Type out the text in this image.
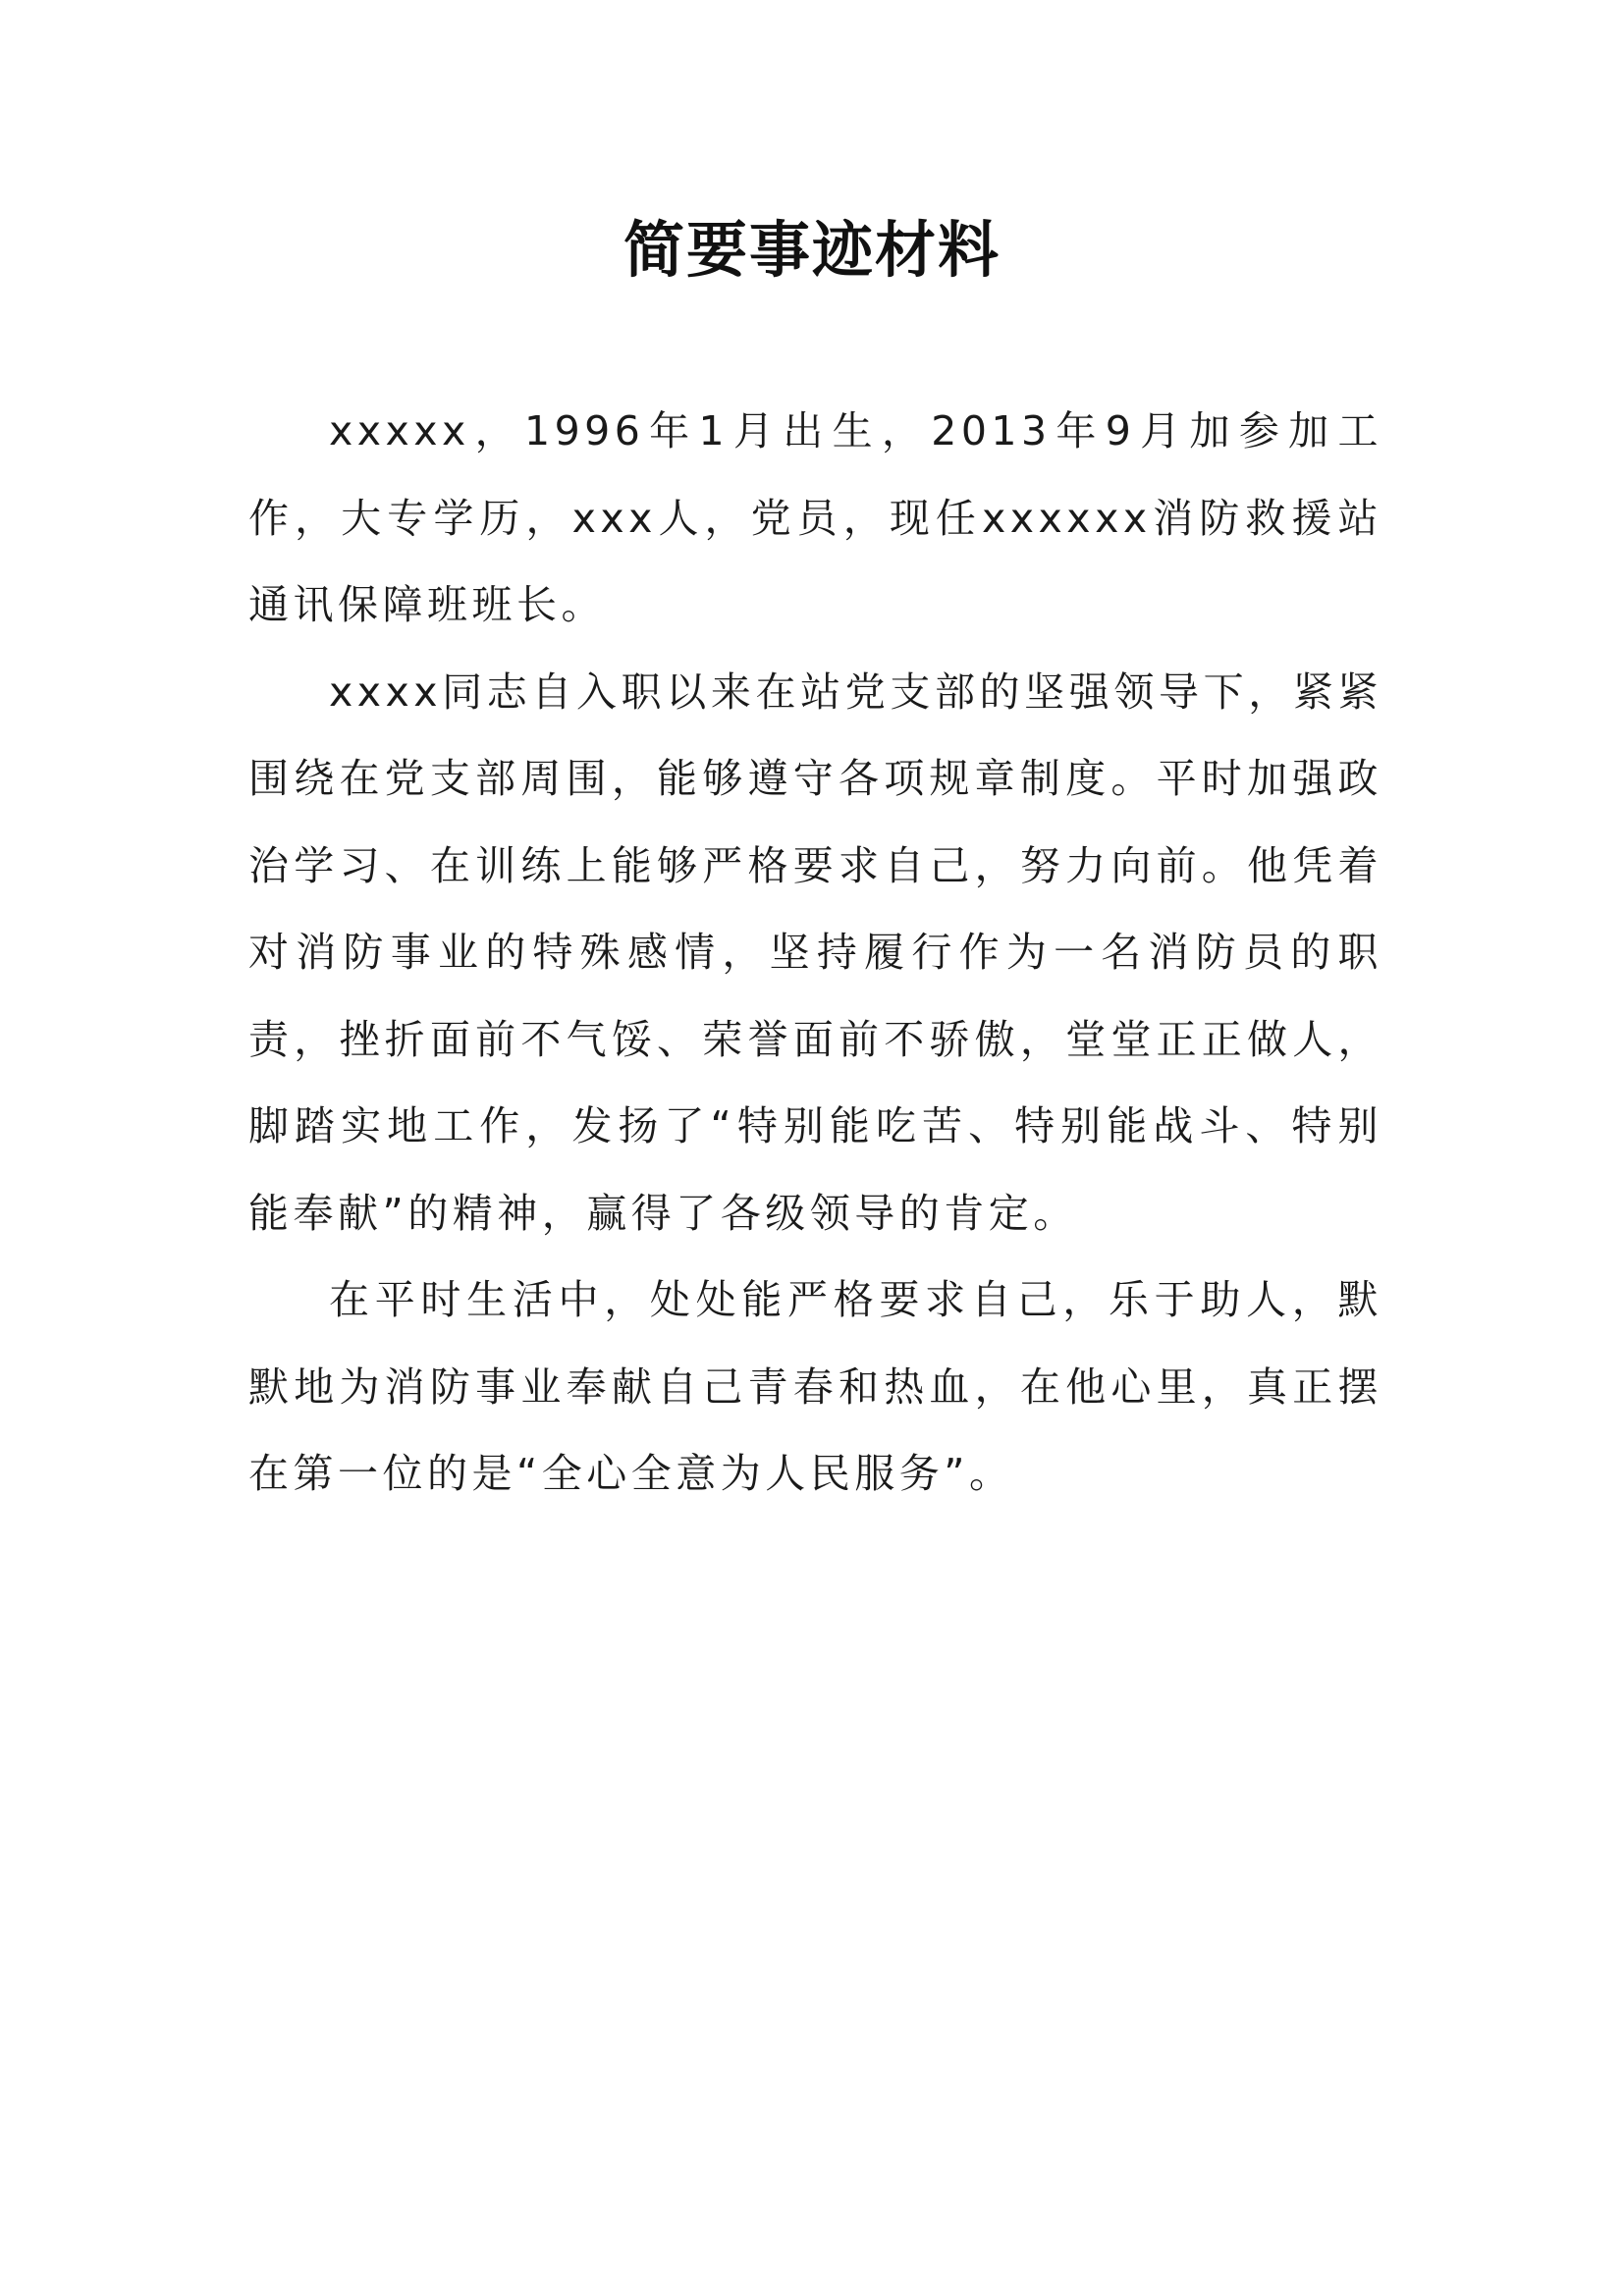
简要事迹材料

xxxxx，1996年1月出生，2013年9月加参加工作，大专学历，xxx人，党员，现任xxxxxx消防救援站通讯保障班班长。

xxxx同志自入职以来在站党支部的坚强领导下，紧紧围绕在党支部周围，能够遵守各项规章制度。平时加强政治学习、在训练上能够严格要求自己，努力向前。他凭着对消防事业的特殊感情，坚持履行作为一名消防员的职责，挫折面前不气馁、荣誉面前不骄傲，堂堂正正做人，脚踏实地工作，发扬了“特别能吃苦、特别能战斗、特别能奉献”的精神，赢得了各级领导的肯定。

在平时生活中，处处能严格要求自己，乐于助人，默默地为消防事业奉献自己青春和热血，在他心里，真正摆在第一位的是“全心全意为人民服务”。
